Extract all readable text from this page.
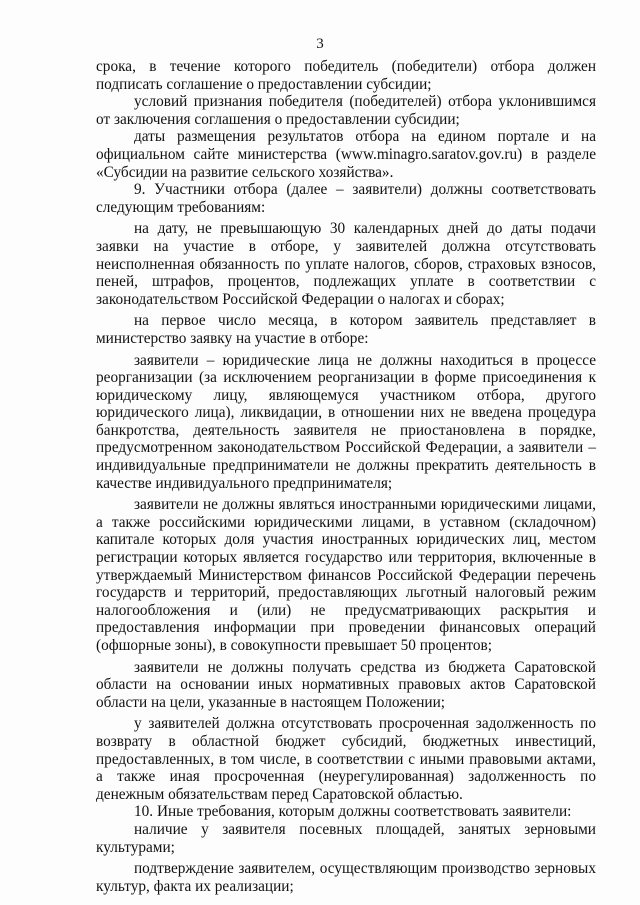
3

срока, в течение которого победитель (победители) отбора должен подписать соглашение о предоставлении субсидии;

условий признания победителя (победителей) отбора уклонившимся от заключения соглашения о предоставлении субсидии;

даты размещения результатов отбора на едином портале и на официальном сайте министерства (www.minagro.saratov.gov.ru) в разделе «Субсидии на развитие сельского хозяйства».

9. Участники отбора (далее – заявители) должны соответствовать следующим требованиям:

на дату, не превышающую 30 календарных дней до даты подачи заявки на участие в отборе, у заявителей должна отсутствовать неисполненная обязанность по уплате налогов, сборов, страховых взносов, пеней, штрафов, процентов, подлежащих уплате в соответствии с законодательством Российской Федерации о налогах и сборах;

на первое число месяца, в котором заявитель представляет в министерство заявку на участие в отборе:

заявители – юридические лица не должны находиться в процессе реорганизации (за исключением реорганизации в форме присоединения к юридическому лицу, являющемуся участником отбора, другого юридического лица), ликвидации, в отношении них не введена процедура банкротства, деятельность заявителя не приостановлена в порядке, предусмотренном законодательством Российской Федерации, а заявители – индивидуальные предприниматели не должны прекратить деятельность в качестве индивидуального предпринимателя;

заявители не должны являться иностранными юридическими лицами, а также российскими юридическими лицами, в уставном (складочном) капитале которых доля участия иностранных юридических лиц, местом регистрации которых является государство или территория, включенные в утверждаемый Министерством финансов Российской Федерации перечень государств и территорий, предоставляющих льготный налоговый режим налогообложения и (или) не предусматривающих раскрытия и предоставления информации при проведении финансовых операций (офшорные зоны), в совокупности превышает 50 процентов;

заявители не должны получать средства из бюджета Саратовской области на основании иных нормативных правовых актов Саратовской области на цели, указанные в настоящем Положении;

у заявителей должна отсутствовать просроченная задолженность по возврату в областной бюджет субсидий, бюджетных инвестиций, предоставленных, в том числе, в соответствии с иными правовыми актами, а также иная просроченная (неурегулированная) задолженность по денежным обязательствам перед Саратовской областью.

10. Иные требования, которым должны соответствовать заявители:

наличие у заявителя посевных площадей, занятых зерновыми культурами;

подтверждение заявителем, осуществляющим производство зерновых культур, факта их реализации;
